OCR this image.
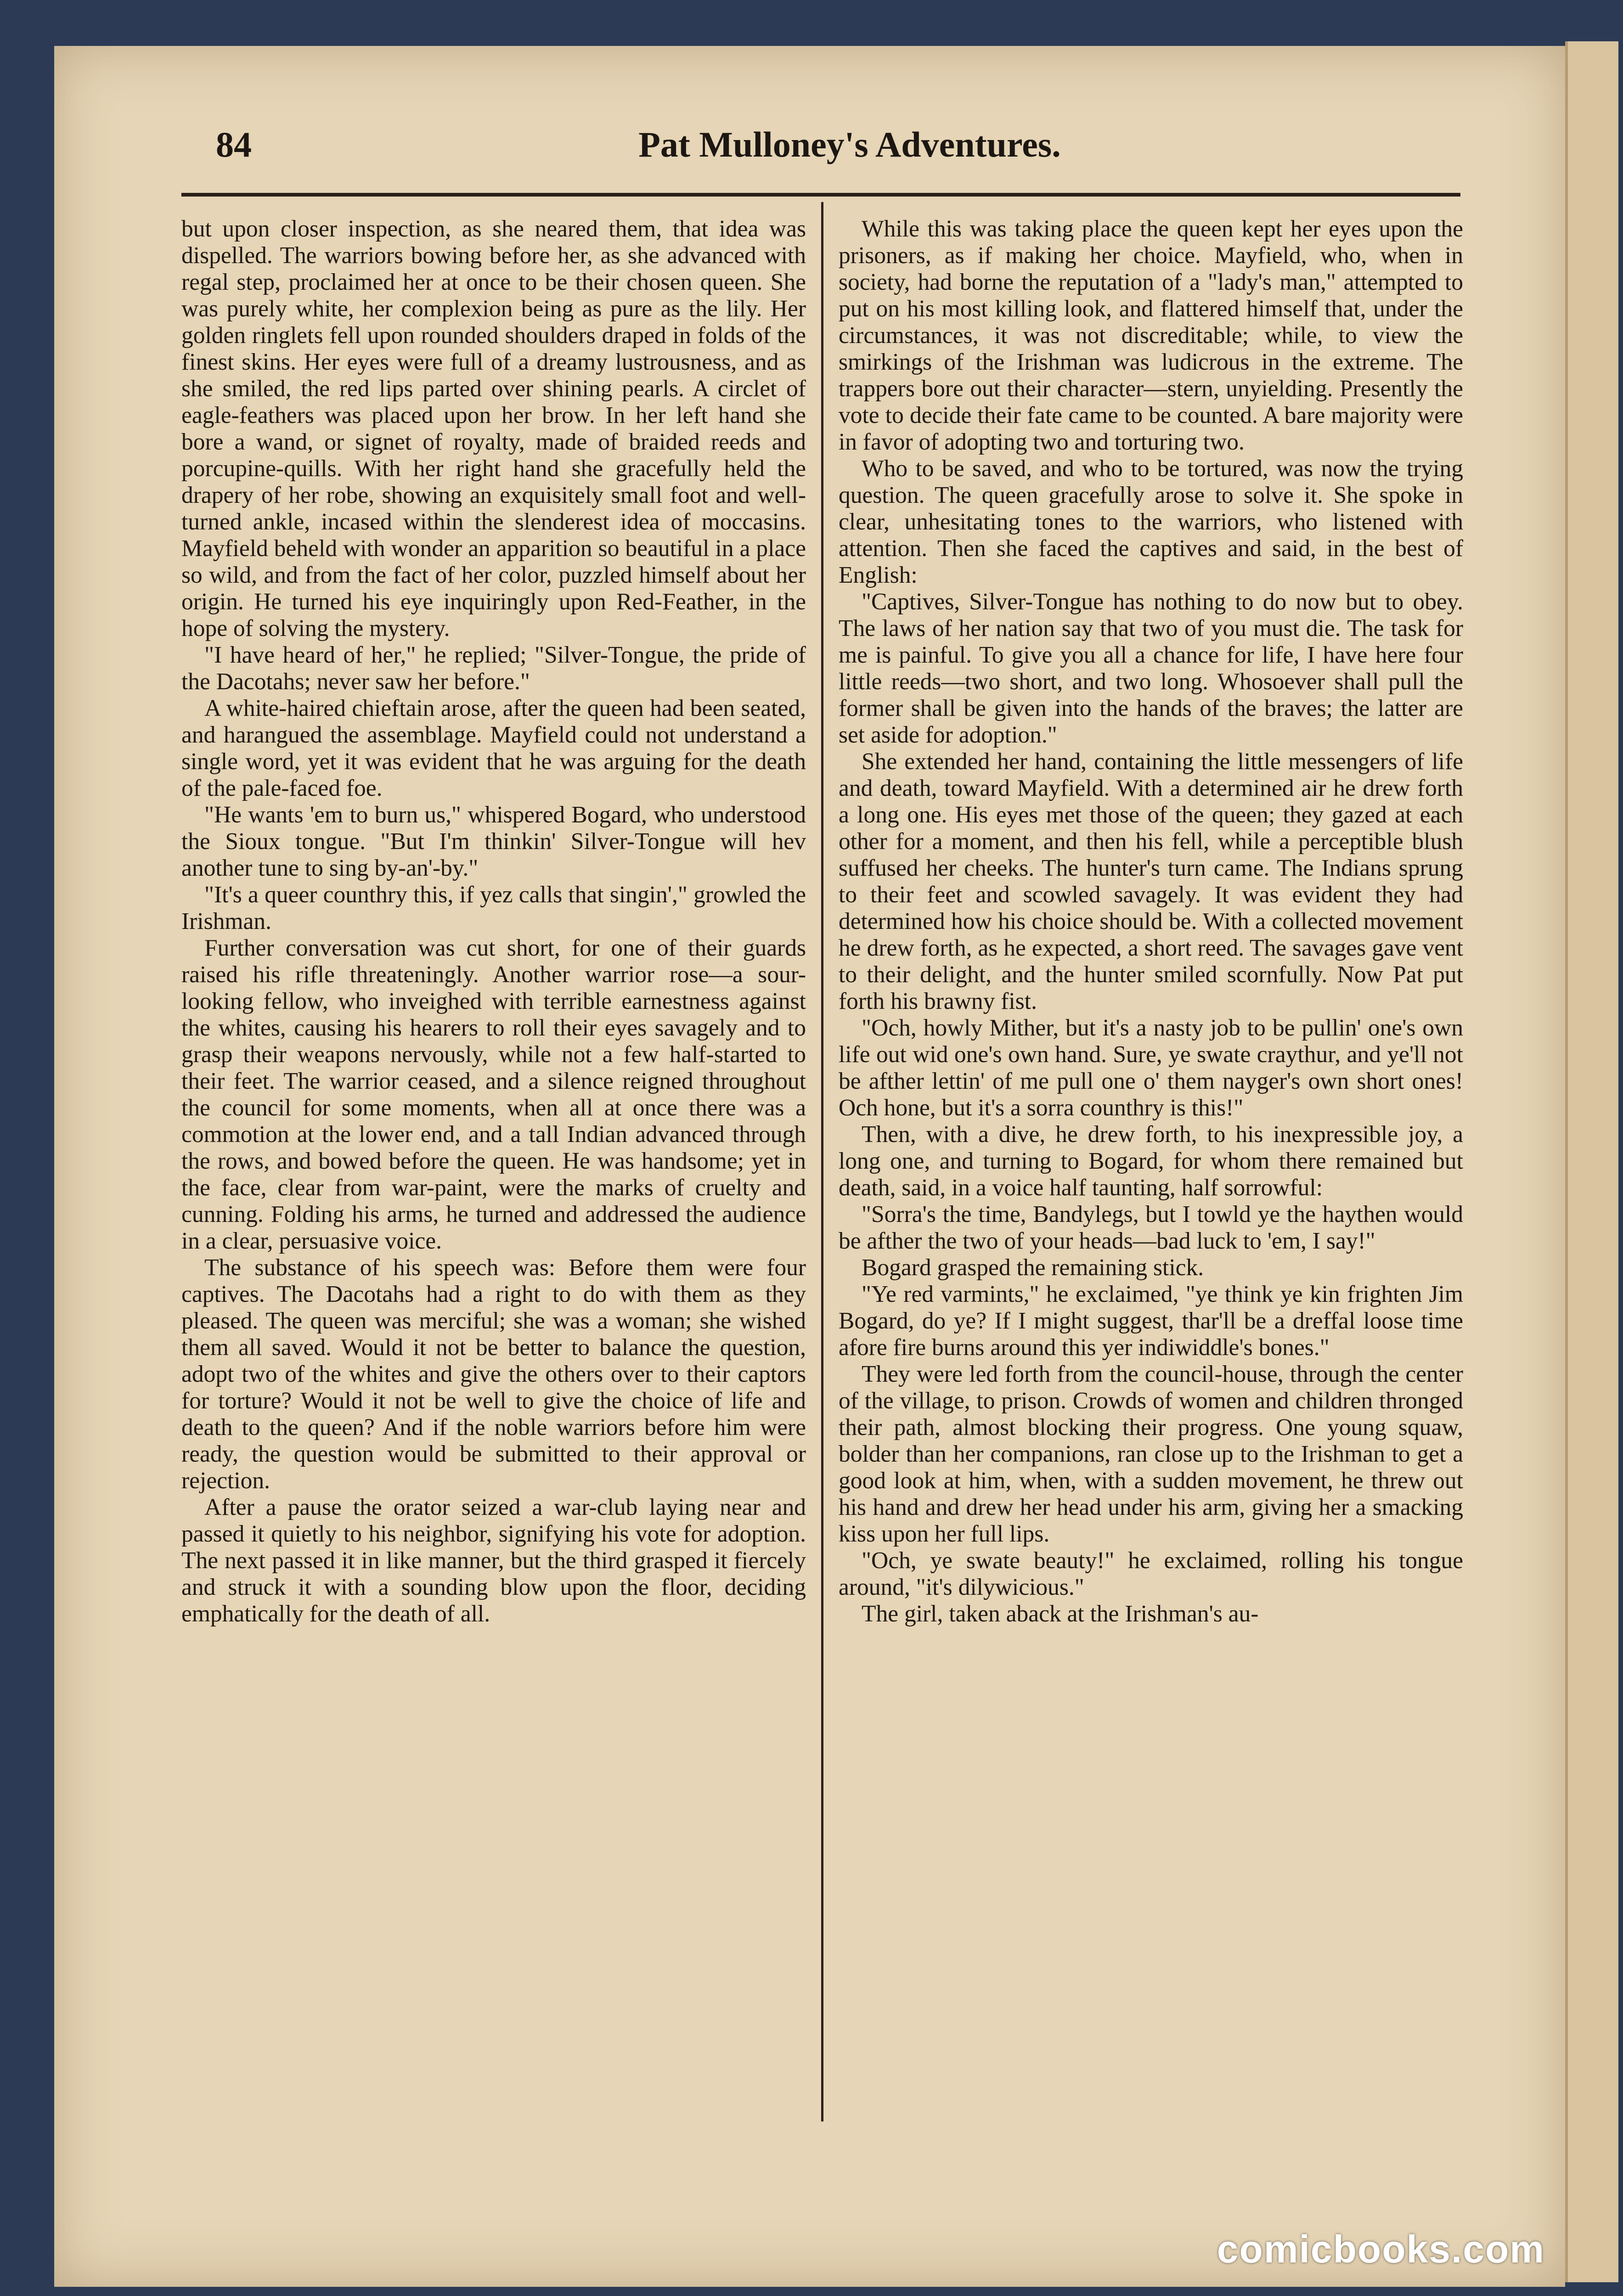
84	Pat Mulloney's Adventures.

but upon closer inspection, as she neared them, that idea was dispelled. The warriors bowing before her, as she advanced with regal step, proclaimed her at once to be their chosen queen. She was purely white, her complexion being as pure as the lily. Her golden ringlets fell upon rounded shoulders draped in folds of the finest skins. Her eyes were full of a dreamy lustrousness, and as she smiled, the red lips parted over shining pearls. A circlet of eagle-feathers was placed upon her brow. In her left hand she bore a wand, or signet of royalty, made of braided reeds and porcupine-quills. With her right hand she gracefully held the drapery of her robe, showing an exquisitely small foot and well-turned ankle, incased within the slenderest idea of moccasins. Mayfield beheld with wonder an apparition so beautiful in a place so wild, and from the fact of her color, puzzled himself about her origin. He turned his eye inquiringly upon Red-Feather, in the hope of solving the mystery.

"I have heard of her," he replied; "Silver-Tongue, the pride of the Dacotahs; never saw her before."

A white-haired chieftain arose, after the queen had been seated, and harangued the assemblage. Mayfield could not understand a single word, yet it was evident that he was arguing for the death of the pale-faced foe.

"He wants 'em to burn us," whispered Bogard, who understood the Sioux tongue. "But I'm thinkin' Silver-Tongue will hev another tune to sing by-an'-by."

"It's a queer counthry this, if yez calls that singin'," growled the Irishman.

Further conversation was cut short, for one of their guards raised his rifle threateningly. Another warrior rose—a sour-looking fellow, who inveighed with terrible earnestness against the whites, causing his hearers to roll their eyes savagely and to grasp their weapons nervously, while not a few half-started to their feet. The warrior ceased, and a silence reigned throughout the council for some moments, when all at once there was a commotion at the lower end, and a tall Indian advanced through the rows, and bowed before the queen. He was handsome; yet in the face, clear from war-paint, were the marks of cruelty and cunning. Folding his arms, he turned and addressed the audience in a clear, persuasive voice.

The substance of his speech was: Before them were four captives. The Dacotahs had a right to do with them as they pleased. The queen was merciful; she was a woman; she wished them all saved. Would it not be better to balance the question, adopt two of the whites and give the others over to their captors for torture? Would it not be well to give the choice of life and death to the queen? And if the noble warriors before him were ready, the question would be submitted to their approval or rejection.

After a pause the orator seized a war-club laying near and passed it quietly to his neighbor, signifying his vote for adoption. The next passed it in like manner, but the third grasped it fiercely and struck it with a sounding blow upon the floor, deciding emphatically for the death of all.

While this was taking place the queen kept her eyes upon the prisoners, as if making her choice. Mayfield, who, when in society, had borne the reputation of a "lady's man," attempted to put on his most killing look, and flattered himself that, under the circumstances, it was not discreditable; while, to view the smirkings of the Irishman was ludicrous in the extreme. The trappers bore out their character—stern, unyielding. Presently the vote to decide their fate came to be counted. A bare majority were in favor of adopting two and torturing two.

Who to be saved, and who to be tortured, was now the trying question. The queen gracefully arose to solve it. She spoke in clear, unhesitating tones to the warriors, who listened with attention. Then she faced the captives and said, in the best of English:

"Captives, Silver-Tongue has nothing to do now but to obey. The laws of her nation say that two of you must die. The task for me is painful. To give you all a chance for life, I have here four little reeds—two short, and two long. Whosoever shall pull the former shall be given into the hands of the braves; the latter are set aside for adoption."

She extended her hand, containing the little messengers of life and death, toward Mayfield. With a determined air he drew forth a long one. His eyes met those of the queen; they gazed at each other for a moment, and then his fell, while a perceptible blush suffused her cheeks. The hunter's turn came. The Indians sprung to their feet and scowled savagely. It was evident they had determined how his choice should be. With a collected movement he drew forth, as he expected, a short reed. The savages gave vent to their delight, and the hunter smiled scornfully. Now Pat put forth his brawny fist.

"Och, howly Mither, but it's a nasty job to be pullin' one's own life out wid one's own hand. Sure, ye swate craythur, and ye'll not be afther lettin' of me pull one o' them nayger's own short ones! Och hone, but it's a sorra counthry is this!"

Then, with a dive, he drew forth, to his inexpressible joy, a long one, and turning to Bogard, for whom there remained but death, said, in a voice half taunting, half sorrowful:

"Sorra's the time, Bandylegs, but I towld ye the haythen would be afther the two of your heads—bad luck to 'em, I say!"

Bogard grasped the remaining stick.

"Ye red varmints," he exclaimed, "ye think ye kin frighten Jim Bogard, do ye? If I might suggest, thar'll be a dreffal loose time afore fire burns around this yer indiwiddle's bones."

They were led forth from the council-house, through the center of the village, to prison. Crowds of women and children thronged their path, almost blocking their progress. One young squaw, bolder than her companions, ran close up to the Irishman to get a good look at him, when, with a sudden movement, he threw out his hand and drew her head under his arm, giving her a smacking kiss upon her full lips.

"Och, ye swate beauty!" he exclaimed, rolling his tongue around, "it's dilywicious."

The girl, taken aback at the Irishman's au-

comicbooks.com
